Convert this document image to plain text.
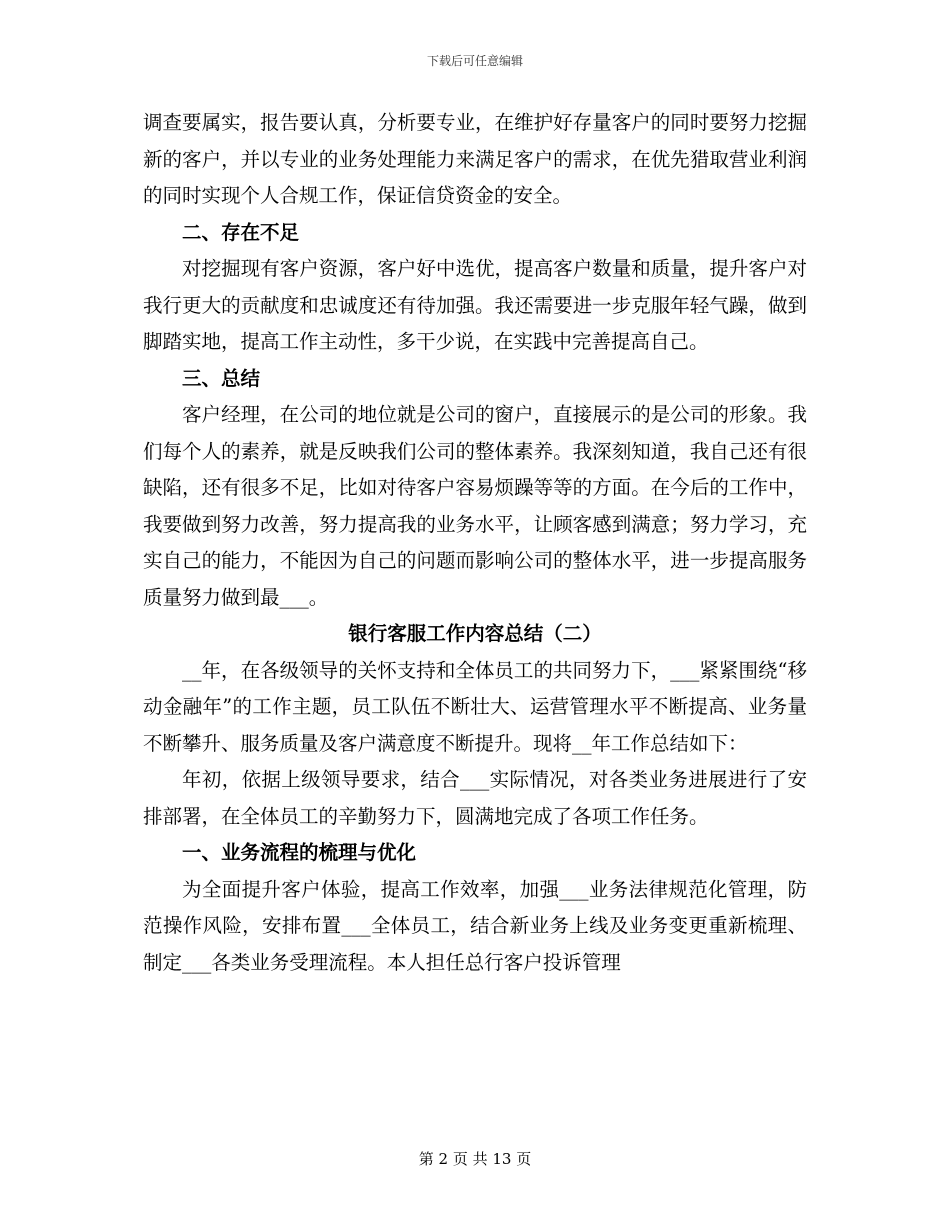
下载后可任意编辑

调查要属实，报告要认真，分析要专业，在维护好存量客户的同时要努力挖掘新的客户，并以专业的业务处理能力来满足客户的需求，在优先猎取营业利润的同时实现个人合规工作，保证信贷资金的安全。

二、存在不足

对挖掘现有客户资源，客户好中选优，提高客户数量和质量，提升客户对我行更大的贡献度和忠诚度还有待加强。我还需要进一步克服年轻气躁，做到脚踏实地，提高工作主动性，多干少说，在实践中完善提高自己。

三、总结

客户经理，在公司的地位就是公司的窗户，直接展示的是公司的形象。我们每个人的素养，就是反映我们公司的整体素养。我深刻知道，我自己还有很缺陷，还有很多不足，比如对待客户容易烦躁等等的方面。在今后的工作中，我要做到努力改善，努力提高我的业务水平，让顾客感到满意；努力学习，充实自己的能力，不能因为自己的问题而影响公司的整体水平，进一步提高服务质量努力做到最___。

银行客服工作内容总结（二）

__年，在各级领导的关怀支持和全体员工的共同努力下，___紧紧围绕“移动金融年”的工作主题，员工队伍不断壮大、运营管理水平不断提高、业务量不断攀升、服务质量及客户满意度不断提升。现将__年工作总结如下：

年初，依据上级领导要求，结合___实际情况，对各类业务进展进行了安排部署，在全体员工的辛勤努力下，圆满地完成了各项工作任务。

一、业务流程的梳理与优化

为全面提升客户体验，提高工作效率，加强___业务法律规范化管理，防范操作风险，安排布置___全体员工，结合新业务上线及业务变更重新梳理、制定___各类业务受理流程。本人担任总行客户投诉管理

第 2 页 共 13 页
